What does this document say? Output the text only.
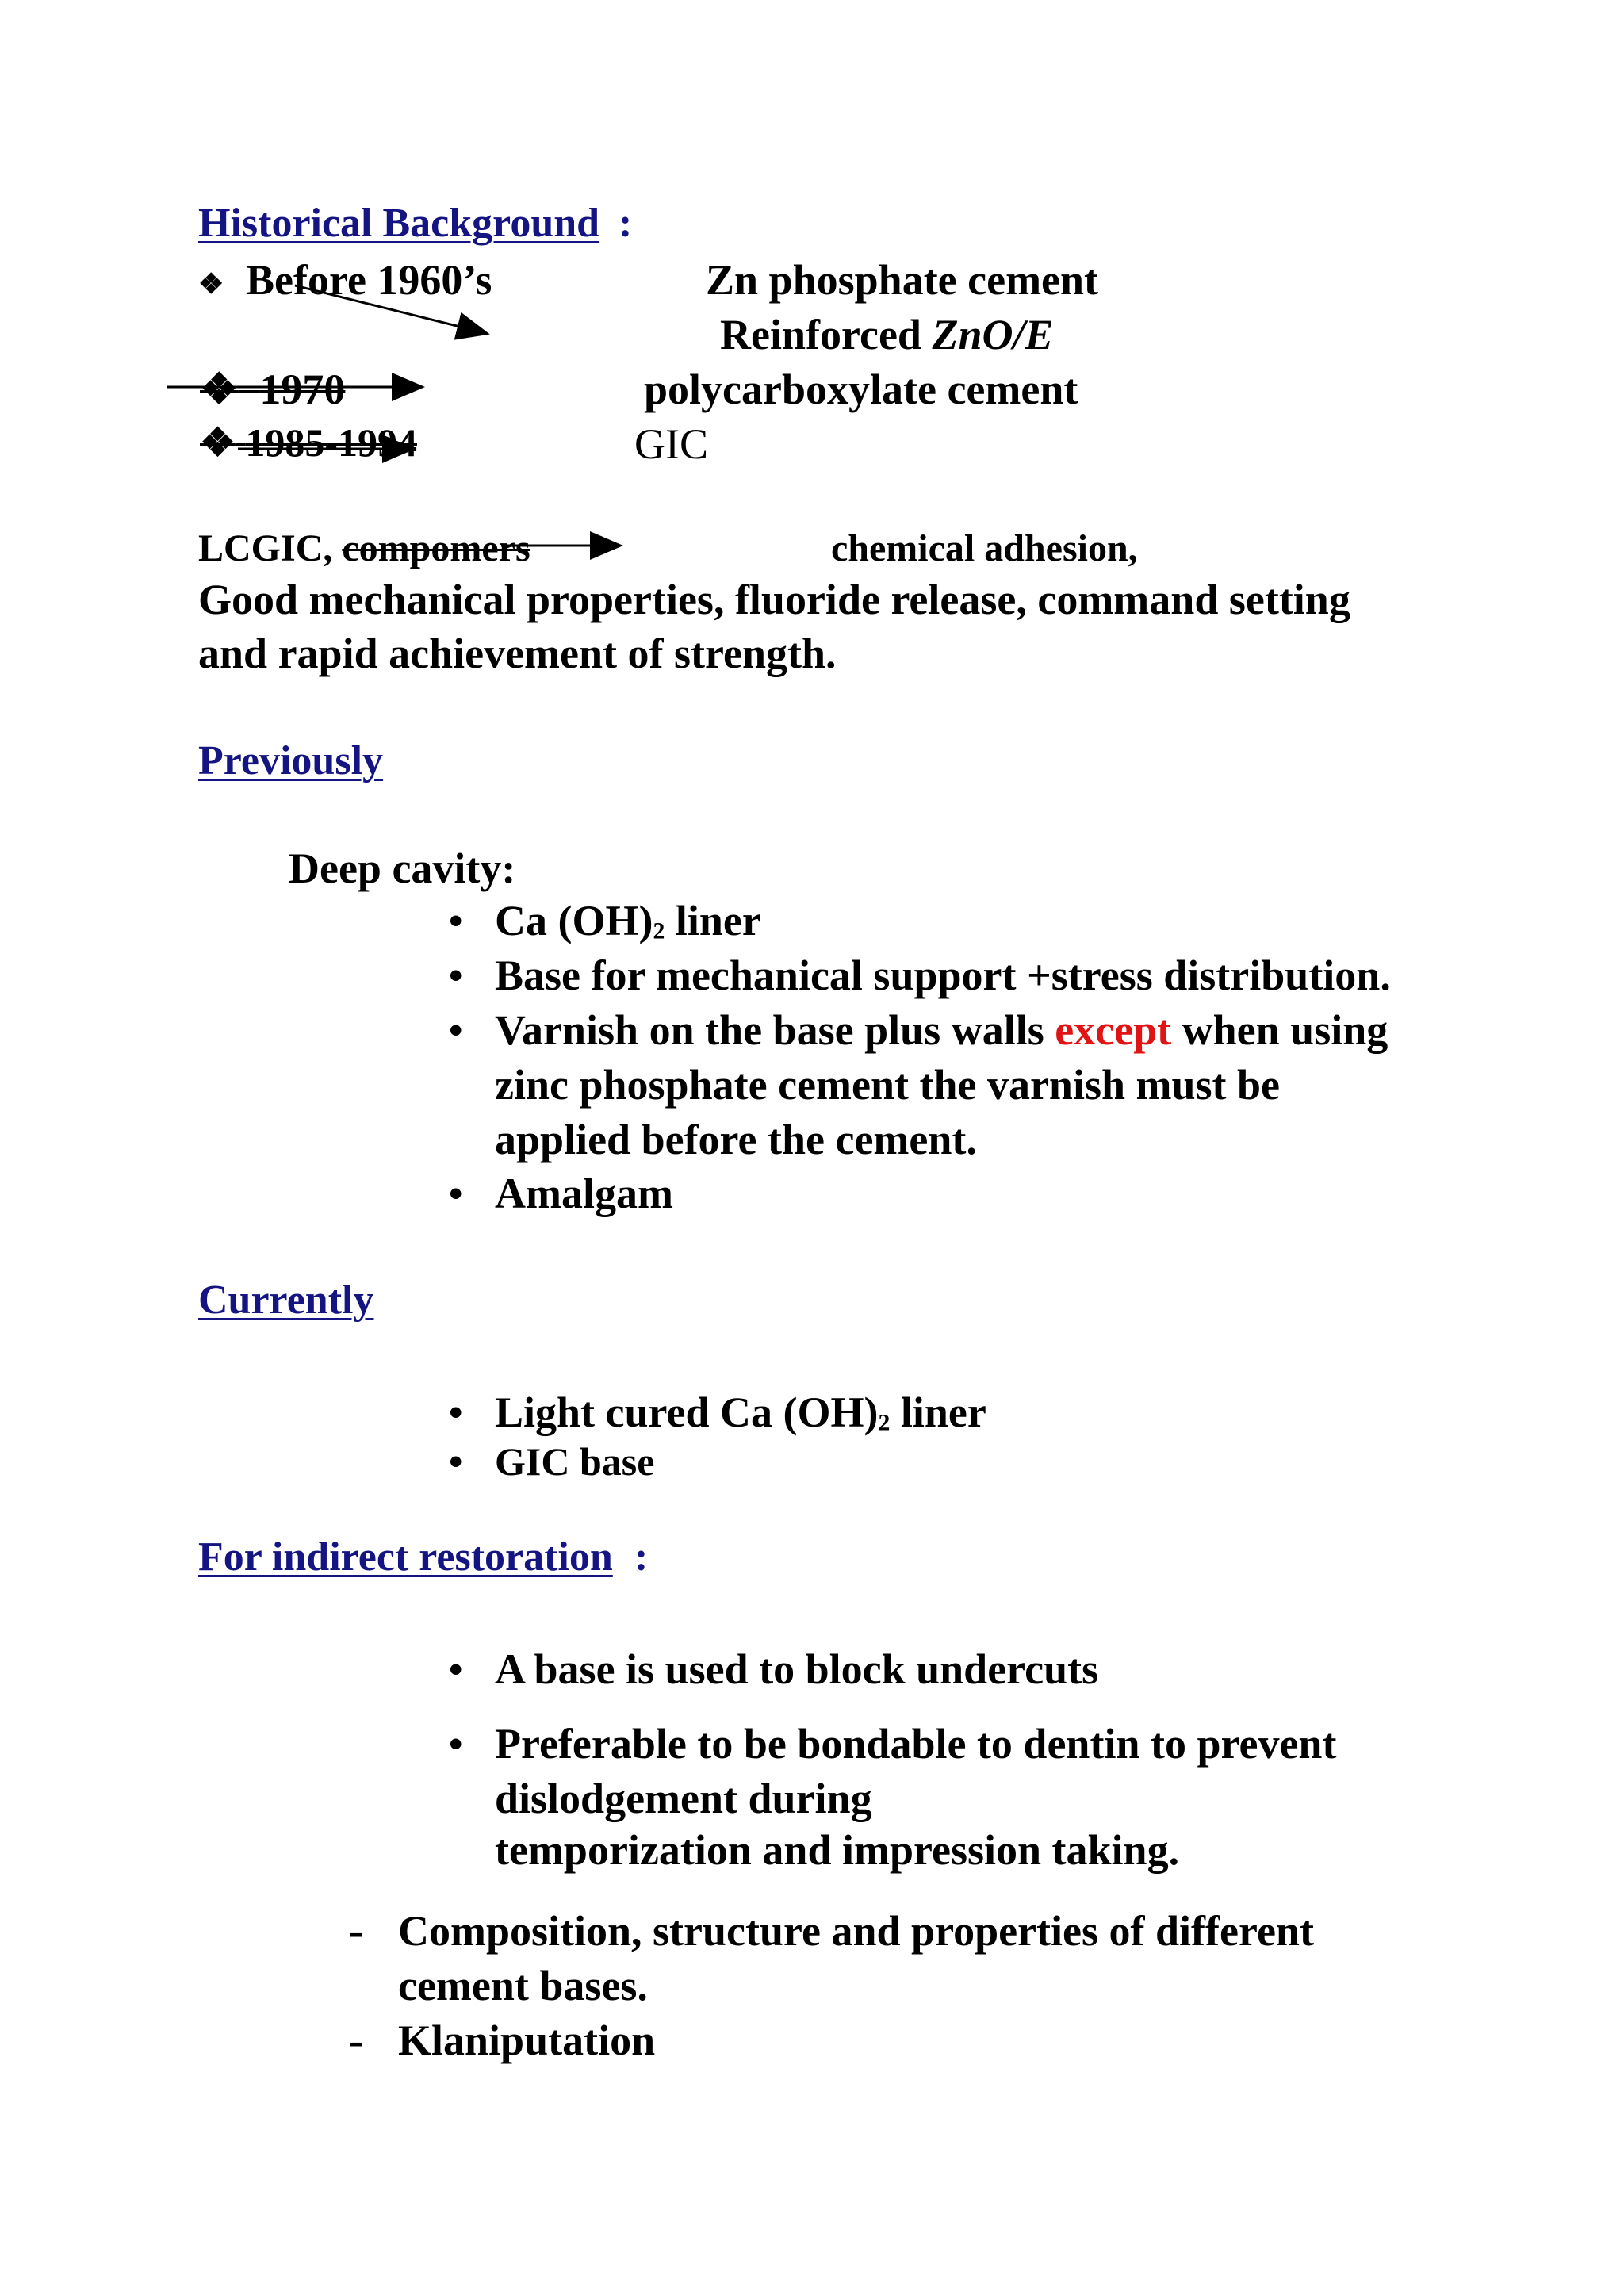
Historical Background :
❖ Before 1960’s	Zn phosphate cement
Reinforced ZnO/E
❖ 1970	polycarboxylate cement
❖ 1985-1994	GIC
LCGIC, compomers	chemical adhesion,
Good mechanical properties, fluoride release, command setting
and rapid achievement of strength.
Previously
Deep cavity:
• Ca $(OH)_2$ liner
• Base for mechanical support +stress distribution.
• Varnish on the base plus walls except when using
zinc phosphate cement the varnish must be
applied before the cement.
• Amalgam
Currently
• Light cured Ca $(OH)_2$ liner
• GIC base
For indirect restoration :
• A base is used to block undercuts
• Preferable to be bondable to dentin to prevent
dislodgement during
temporization and impression taking.
- Composition, structure and properties of different
cement bases.
- Klaniputation
